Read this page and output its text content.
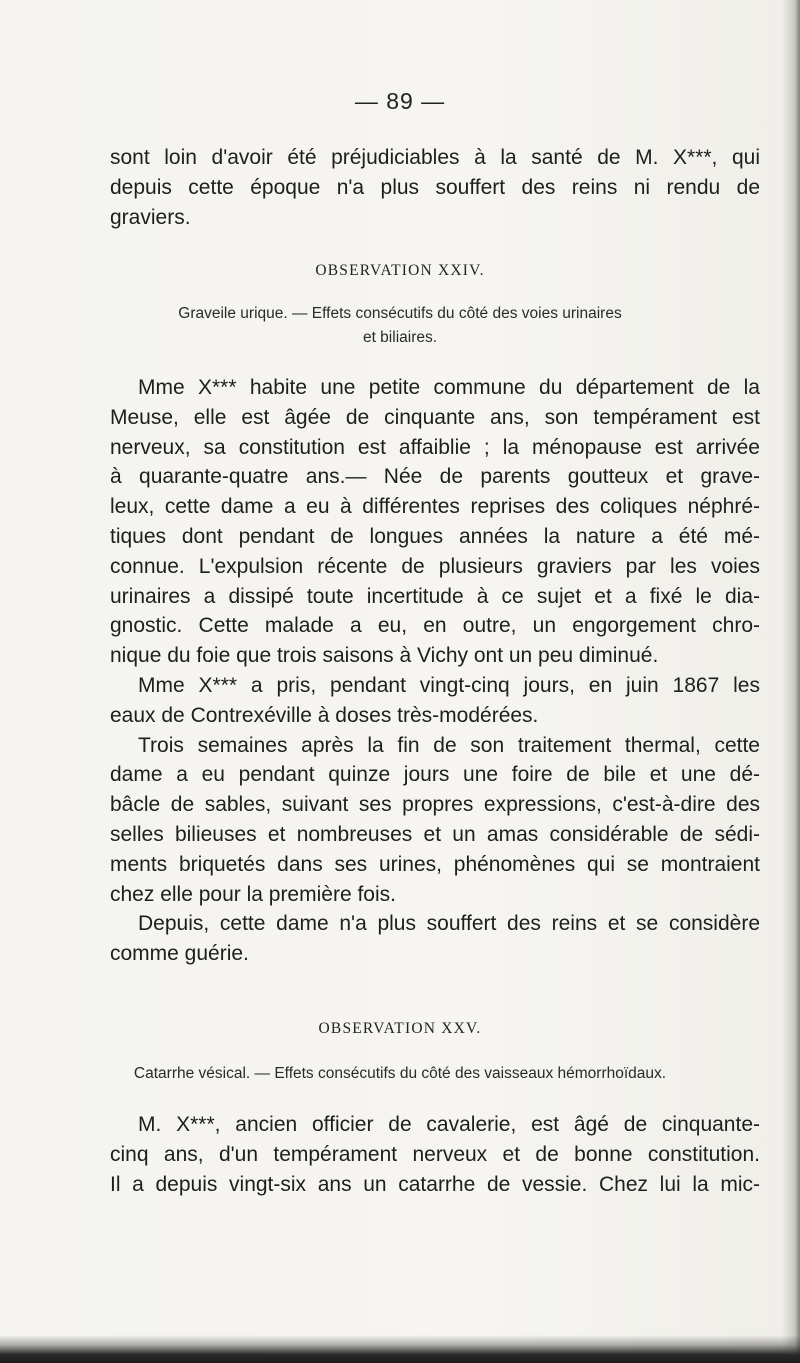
— 89 —
sont loin d'avoir été préjudiciables à la santé de M. X***, qui
depuis cette époque n'a plus souffert des reins ni rendu de
graviers.
OBSERVATION XXIV.
Graveile urique. — Effets consécutifs du côté des voies urinaires
et biliaires.
Mme X*** habite une petite commune du département de la
Meuse, elle est âgée de cinquante ans, son tempérament est
nerveux, sa constitution est affaiblie ; la ménopause est arrivée
à quarante-quatre ans.— Née de parents goutteux et grave-
leux, cette dame a eu à différentes reprises des coliques néphré-
tiques dont pendant de longues années la nature a été mé-
connue. L'expulsion récente de plusieurs graviers par les voies
urinaires a dissipé toute incertitude à ce sujet et a fixé le dia-
gnostic. Cette malade a eu, en outre, un engorgement chro-
nique du foie que trois saisons à Vichy ont un peu diminué.
Mme X*** a pris, pendant vingt-cinq jours, en juin 1867 les
eaux de Contrexéville à doses très-modérées.
Trois semaines après la fin de son traitement thermal, cette
dame a eu pendant quinze jours une foire de bile et une dé-
bâcle de sables, suivant ses propres expressions, c'est-à-dire des
selles bilieuses et nombreuses et un amas considérable de sédi-
ments briquetés dans ses urines, phénomènes qui se montraient
chez elle pour la première fois.
Depuis, cette dame n'a plus souffert des reins et se considère
comme guérie.
OBSERVATION XXV.
Catarrhe vésical. — Effets consécutifs du côté des vaisseaux hémorrhoïdaux.
M. X***, ancien officier de cavalerie, est âgé de cinquante-
cinq ans, d'un tempérament nerveux et de bonne constitution.
Il a depuis vingt-six ans un catarrhe de vessie. Chez lui la mic-
